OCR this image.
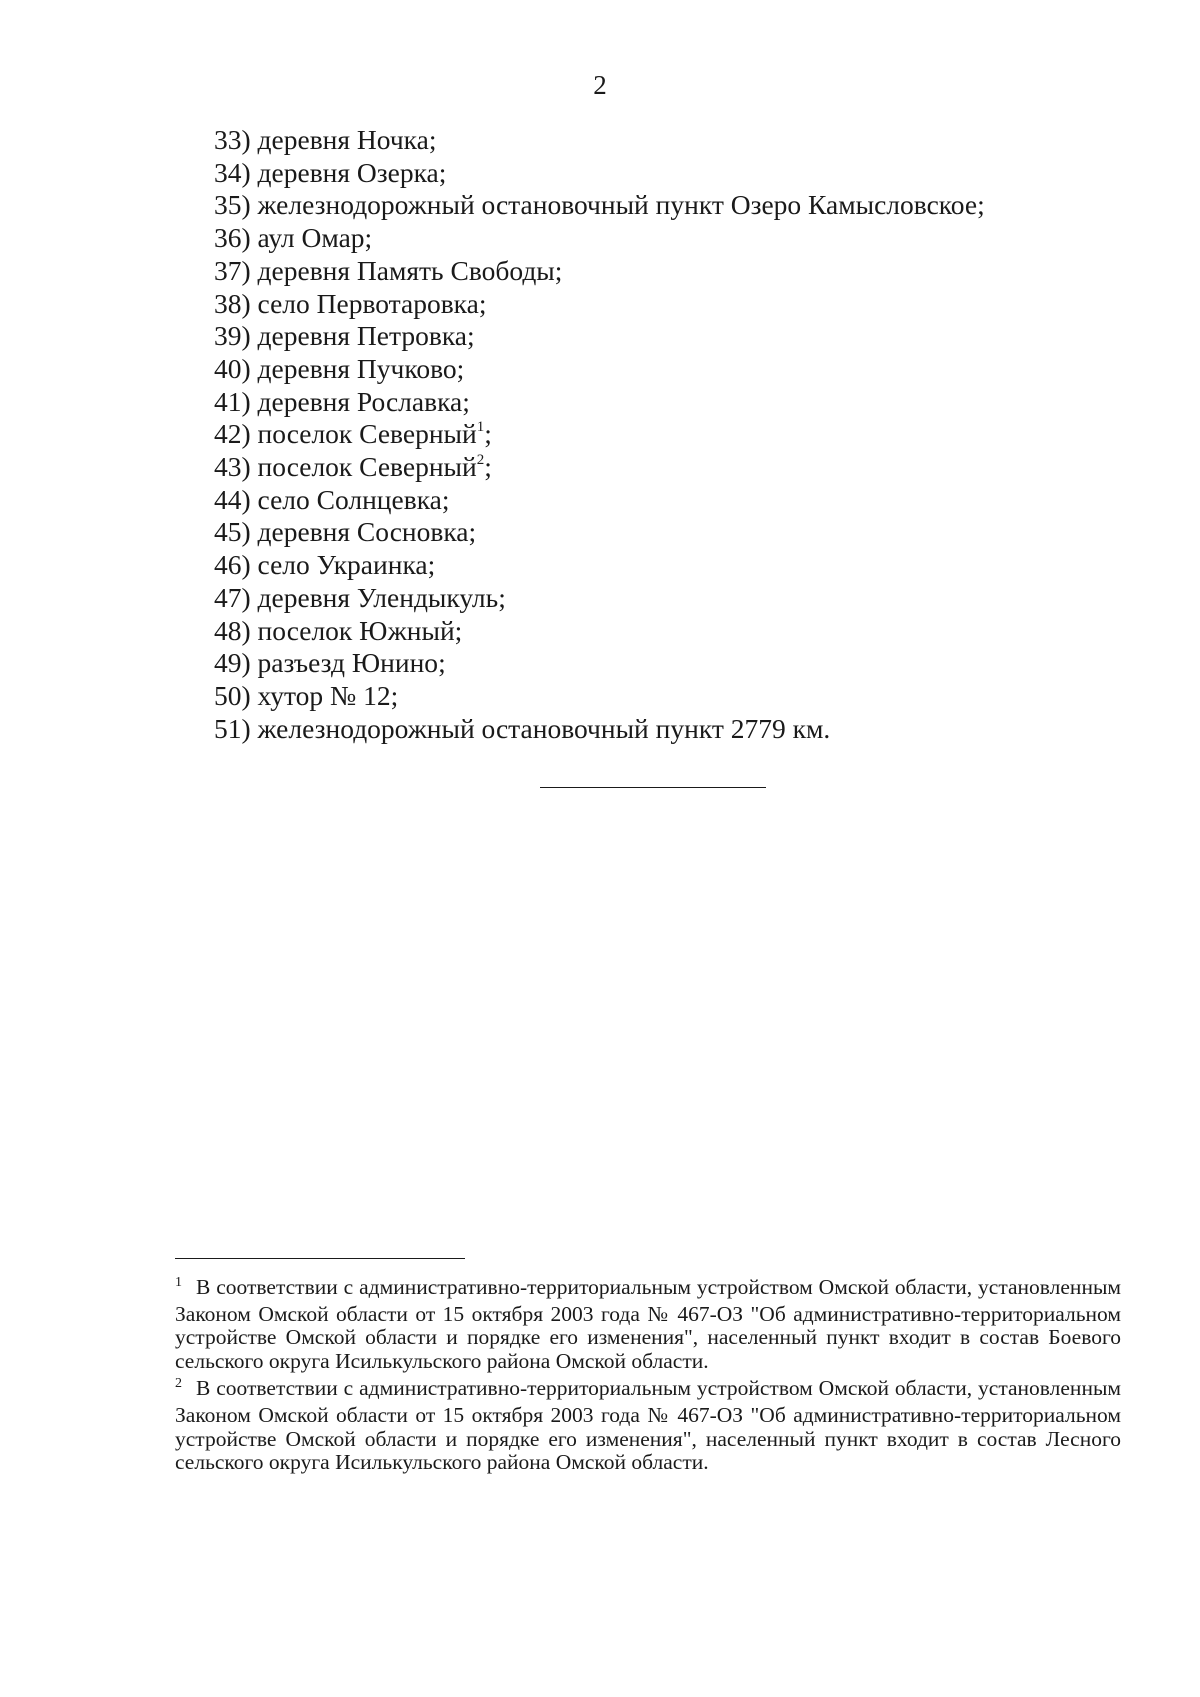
2
33) деревня Ночка;
34) деревня Озерка;
35) железнодорожный остановочный пункт Озеро Камысловское;
36) аул Омар;
37) деревня Память Свободы;
38) село Первотаровка;
39) деревня Петровка;
40) деревня Пучково;
41) деревня Рославка;
42) поселок Северный$^1$;
43) поселок Северный$^2$;
44) село Солнцевка;
45) деревня Сосновка;
46) село Украинка;
47) деревня Улендыкуль;
48) поселок Южный;
49) разъезд Юнино;
50) хутор № 12;
51) железнодорожный остановочный пункт 2779 км.

$^1$ В соответствии с административно-территориальным устройством Омской области, установленным Законом Омской области от 15 октября 2003 года № 467-ОЗ "Об административно-территориальном устройстве Омской области и порядке его изменения", населенный пункт входит в состав Боевого сельского округа Исилькульского района Омской области.

$^2$ В соответствии с административно-территориальным устройством Омской области, установленным Законом Омской области от 15 октября 2003 года № 467-ОЗ "Об административно-территориальном устройстве Омской области и порядке его изменения", населенный пункт входит в состав Лесного сельского округа Исилькульского района Омской области.
